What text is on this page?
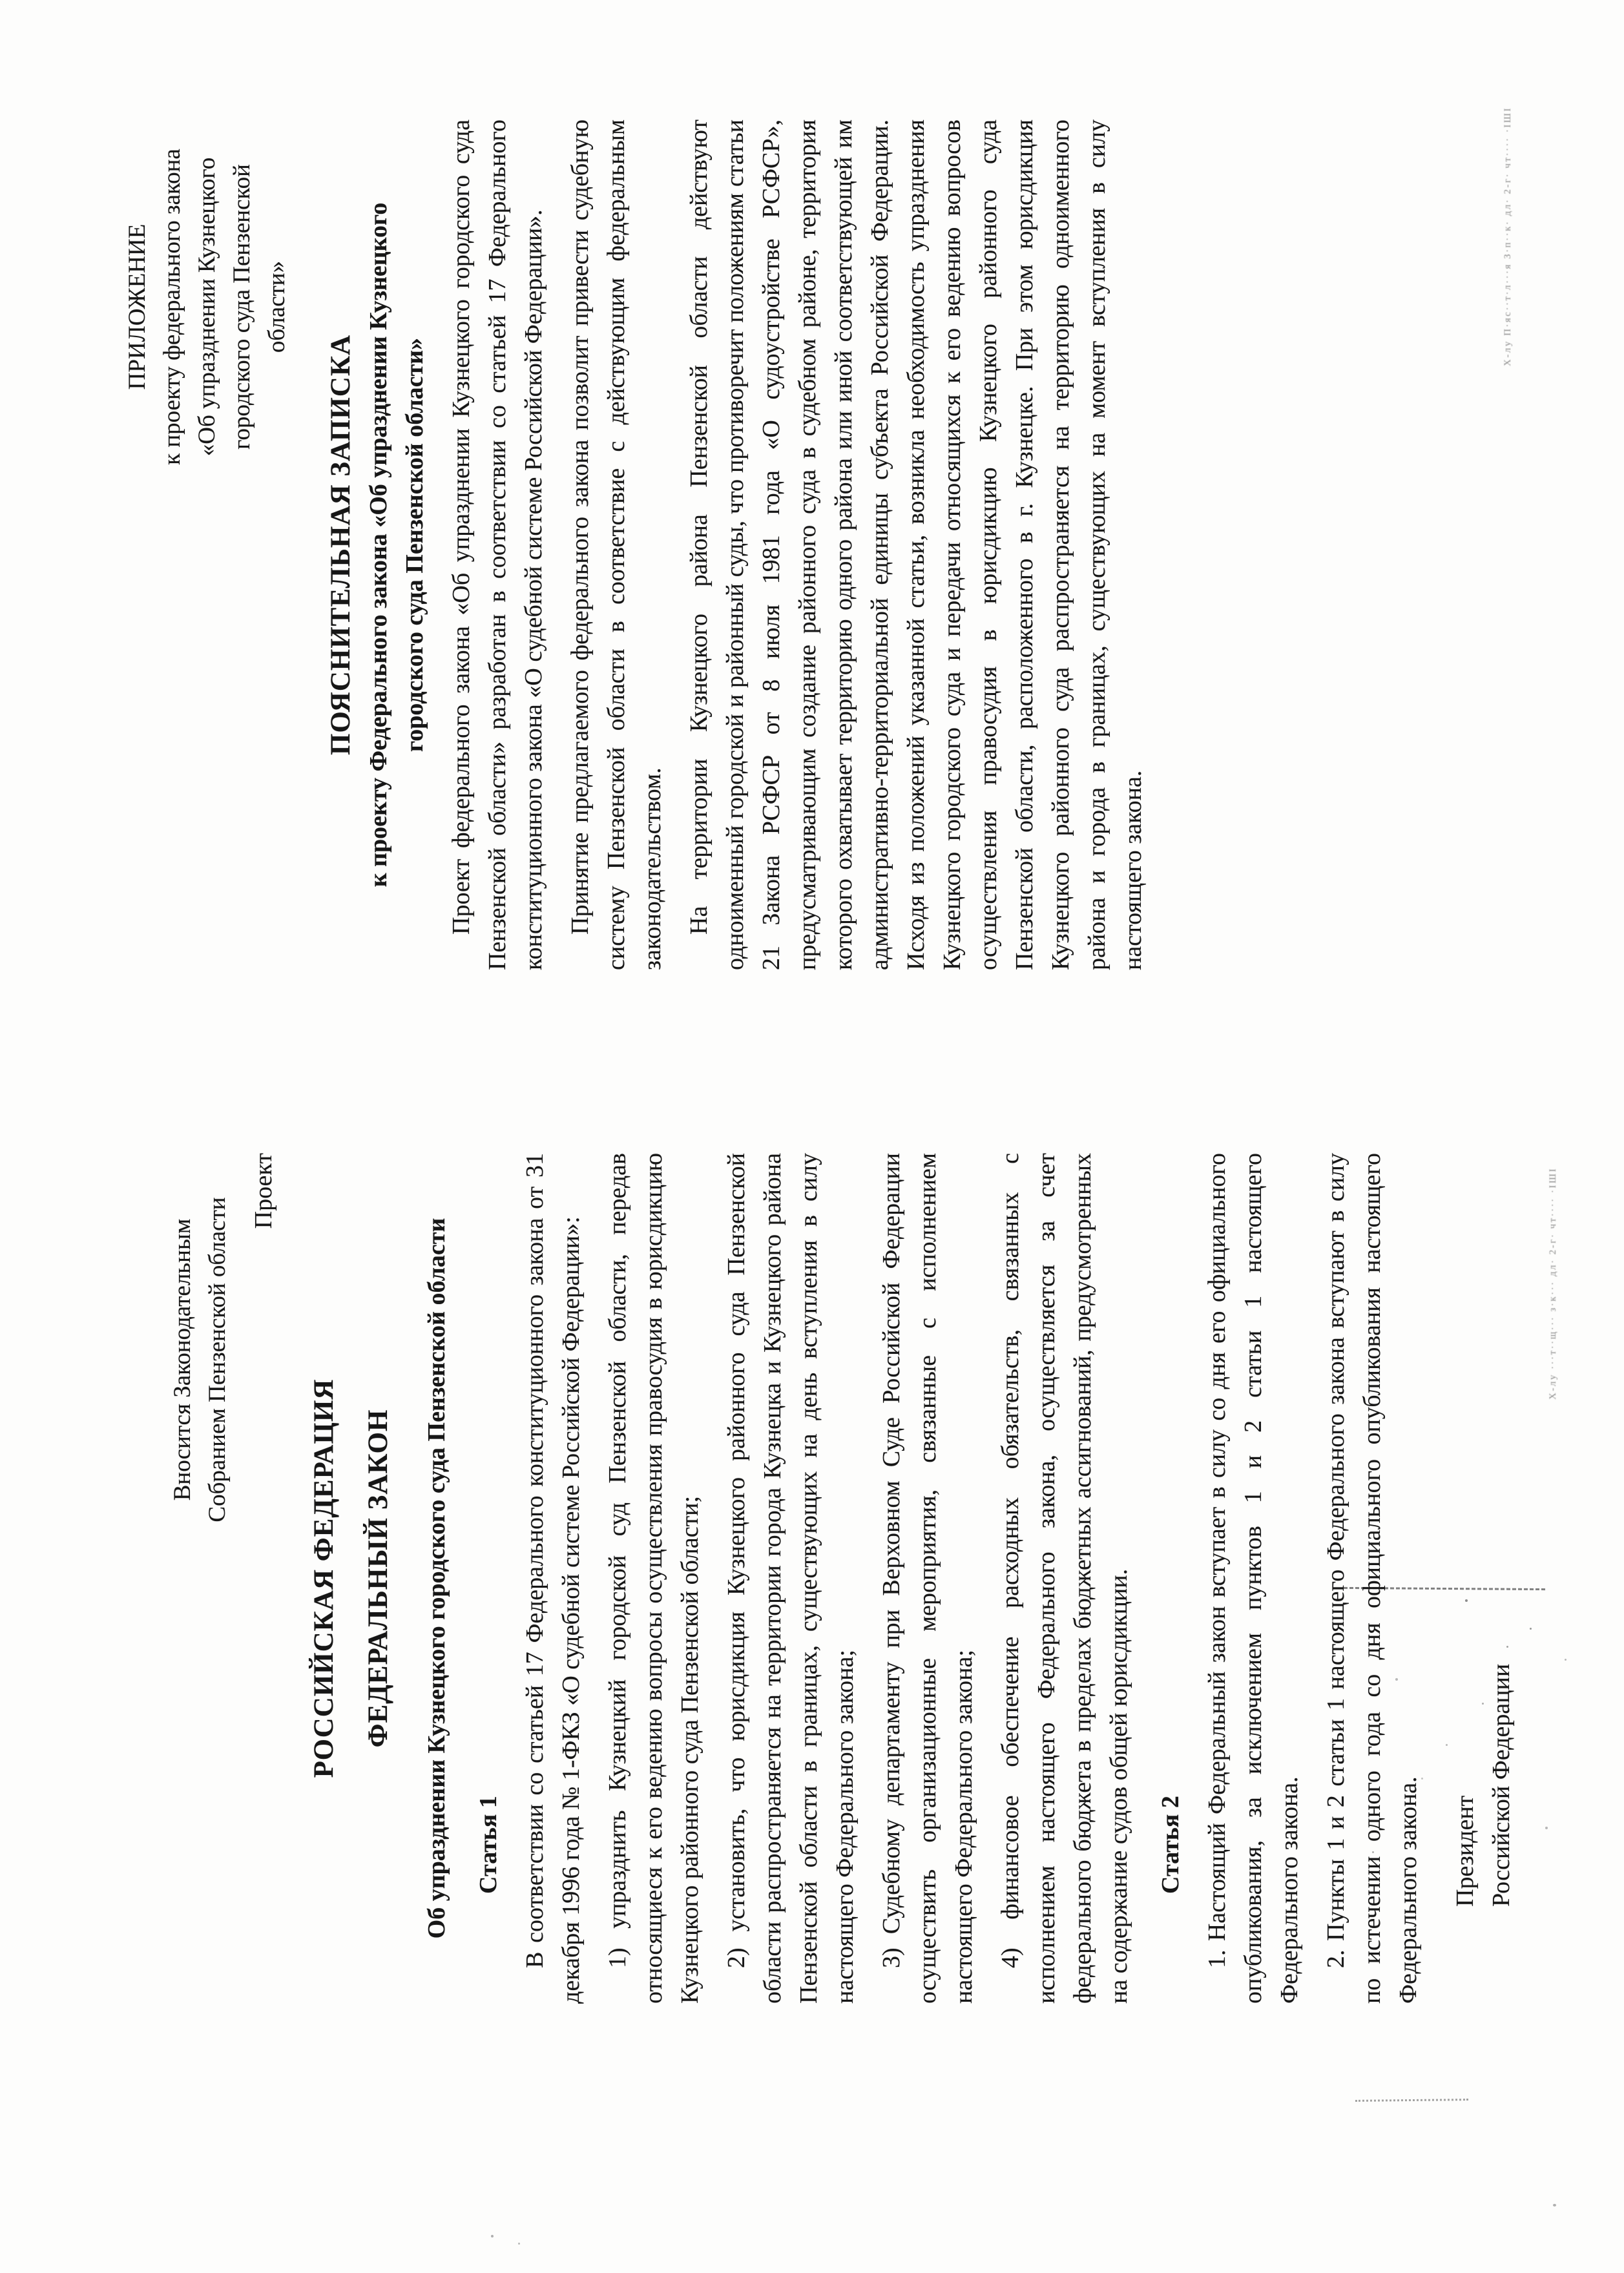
ПРИЛОЖЕНИЕ к проекту федерального закона «Об упразднении Кузнецкого городского суда Пензенской области»
ПОЯСНИТЕЛЬНАЯ ЗАПИСКА к проекту Федерального закона «Об упразднении Кузнецкого городского суда Пензенской области» Проект федерального закона «Об упразднении Кузнецкого городского суда Пензенской области» разработан в соответствии со статьей 17 Федерального конституционного закона «О судебной системе Российской Федерации». Принятие предлагаемого федерального закона позволит привести судебную систему Пензенской области в соответствие с действующим федеральным законодательством. На территории Кузнецкого района Пензенской области действуют одноименный городской и районный суды, что противоречит положениям статьи 21 Закона РСФСР от 8 июля 1981 года «О судоустройстве РСФСР», предусматривающим создание районного суда в судебном районе, территория которого охватывает территорию одного района или иной соответствующей им административно-территориальной единицы субъекта Российской Федерации. Исходя из положений указанной статьи, возникла необходимость упразднения Кузнецкого городского суда и передачи относящихся к его ведению вопросов осуществления правосудия в юрисдикцию Кузнецкого районного суда Пензенской области, расположенного в г. Кузнецке. При этом юрисдикция Кузнецкого районного суда распространяется на территорию одноименного района и города в границах, существующих на момент вступления в силу настоящего закона.

Х-лу П·яс··т·л···я З·п··к· дл· 2-г· чт···· ·ІШІ
Вносится Законодательным Собранием Пензенской области
Проект
РОССИЙСКАЯ ФЕДЕРАЦИЯ ФЕДЕРАЛЬНЫЙ ЗАКОН Об упразднении Кузнецкого городского суда Пензенской области Статья 1 В соответствии со статьей 17 Федерального конституционного закона от 31 декабря 1996 года № 1-ФКЗ «О судебной системе Российской Федерации»: 1) упразднить Кузнецкий городской суд Пензенской области, передав относящиеся к его ведению вопросы осуществления правосудия в юрисдикцию Кузнецкого районного суда Пензенской области; 2) установить, что юрисдикция Кузнецкого районного суда Пензенской области распространяется на территории города Кузнецка и Кузнецкого района Пензенской области в границах, существующих на день вступления в силу настоящего Федерального закона; 3) Судебному департаменту при Верховном Суде Российской Федерации осуществить организационные мероприятия, связанные с исполнением настоящего Федерального закона; 4) финансовое обеспечение расходных обязательств, связанных с исполнением настоящего Федерального закона, осуществляется за счет федерального бюджета в пределах бюджетных ассигнований, предусмотренных на содержание судов общей юрисдикции. Статья 2 1. Настоящий Федеральный закон вступает в силу со дня его официального опубликования, за исключением пунктов 1 и 2 статьи 1 настоящего Федерального закона. 2. Пункты 1 и 2 статьи 1 настоящего Федерального закона вступают в силу по истечении одного года со дня официального опубликования настоящего Федерального закона. Президент Российской Федерации
Х-лу ···т··щ··· з·к··· дл· 2-г· чт···· ·ІШІ
